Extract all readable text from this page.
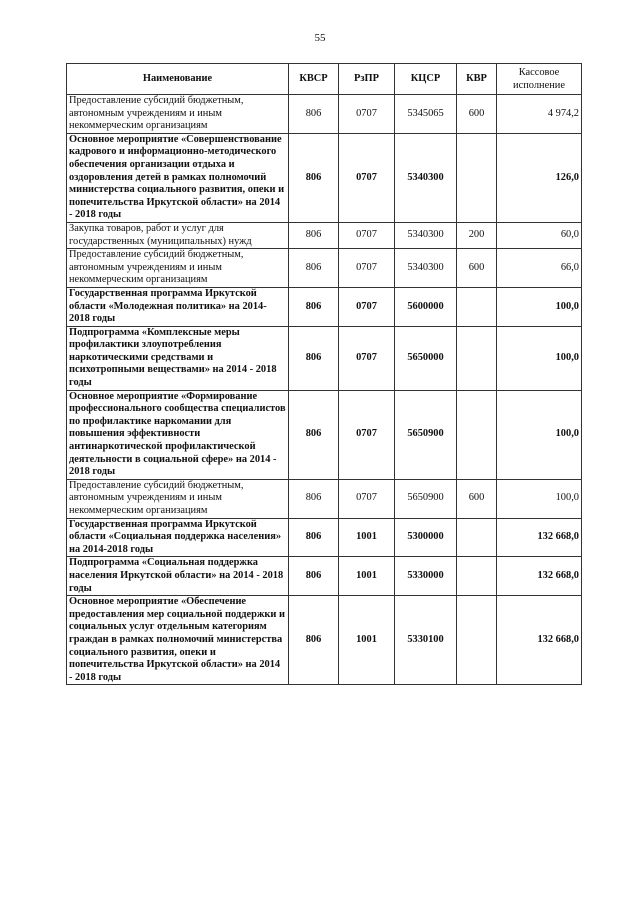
55
Наименование	КВСР	РзПР	КЦСР	КВР	Кассовое исполнение
Предоставление субсидий бюджетным, автономным учреждениям и иным некоммерческим организациям	806	0707	5345065	600	4 974,2
Основное мероприятие «Совершенствование кадрового и информационно-методического обеспечения организации отдыха и оздоровления детей в рамках полномочий министерства социального развития, опеки и попечительства Иркутской области» на 2014 - 2018 годы	806	0707	5340300		126,0
Закупка товаров, работ и услуг для государственных (муниципальных) нужд	806	0707	5340300	200	60,0
Предоставление субсидий бюджетным, автономным учреждениям и иным некоммерческим организациям	806	0707	5340300	600	66,0
Государственная программа Иркутской области «Молодежная политика» на 2014-2018 годы	806	0707	5600000		100,0
Подпрограмма «Комплексные меры профилактики злоупотребления наркотическими средствами и психотропными веществами» на 2014 - 2018 годы	806	0707	5650000		100,0
Основное мероприятие «Формирование профессионального сообщества специалистов по профилактике наркомании для повышения эффективности антинаркотической профилактической деятельности в социальной сфере» на 2014 - 2018 годы	806	0707	5650900		100,0
Предоставление субсидий бюджетным, автономным учреждениям и иным некоммерческим организациям	806	0707	5650900	600	100,0
Государственная программа Иркутской области «Социальная поддержка населения» на 2014-2018 годы	806	1001	5300000		132 668,0
Подпрограмма «Социальная поддержка населения Иркутской области» на 2014 - 2018 годы	806	1001	5330000		132 668,0
Основное мероприятие «Обеспечение предоставления мер социальной поддержки и социальных услуг отдельным категориям граждан в рамках полномочий министерства социального развития, опеки и попечительства Иркутской области» на 2014 - 2018 годы	806	1001	5330100		132 668,0
